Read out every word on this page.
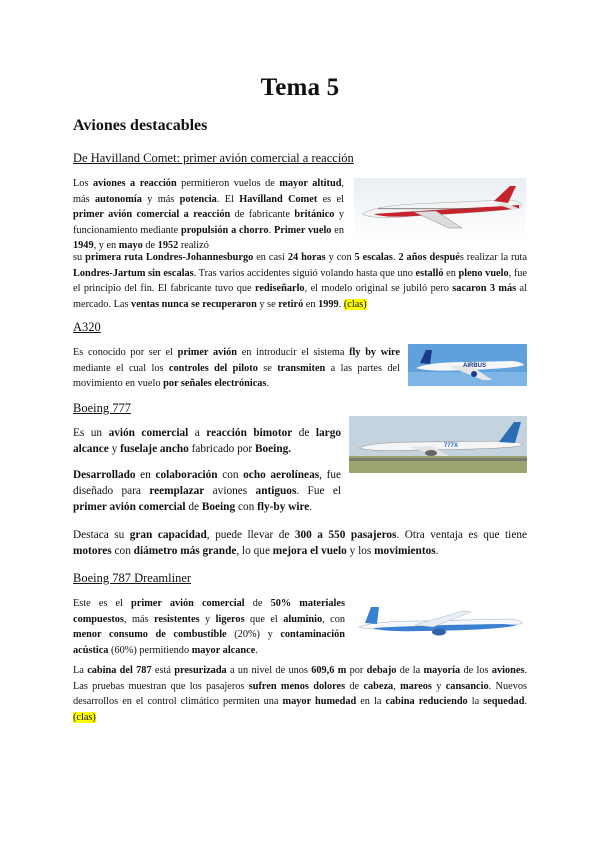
Tema 5
Aviones destacables
De Havilland Comet: primer avión comercial a reacción

Los aviones a reacción permitieron vuelos de mayor altitud, más autonomía y más potencia. El Havilland Comet es el primer avión comercial a reacción de fabricante británico y funcionamiento mediante propulsión a chorro. Primer vuelo en 1949, y en mayo de 1952 realizó

su primera ruta Londres-Johannesburgo en casi 24 horas y con 5 escalas. 2 años después realizar la ruta Londres-Jartum sin escalas. Tras varios accidentes siguió volando hasta que uno estalló en pleno vuelo, fue el principio del fin. El fabricante tuvo que rediseñarlo, el modelo original se jubiló pero sacaron 3 más al mercado. Las ventas nunca se recuperaron y se retiró en 1999. (clas)

A320
AIRBUS

Es conocido por ser el primer avión en introducir el sistema fly by wire mediante el cual los controles del piloto se transmiten a las partes del movimiento en vuelo por señales electrónicas.

Boeing 777
777X

Es un avión comercial a reacción bimotor de largo alcance y fuselaje ancho fabricado por Boeing.

Desarrollado en colaboración con ocho aerolíneas, fue diseñado para reemplazar aviones antiguos. Fue el primer avión comercial de Boeing con fly-by wire.

Destaca su gran capacidad, puede llevar de 300 a 550 pasajeros. Otra ventaja es que tiene motores con diámetro más grande, lo que mejora el vuelo y los movimientos.

Boeing 787 Dreamliner

Este es el primer avión comercial de 50% materiales compuestos, más resistentes y ligeros que el aluminio, con menor consumo de combustible (20%) y contaminación acústica (60%) permitiendo mayor alcance.

La cabina del 787 está presurizada a un nivel de unos 609,6 m por debajo de la mayoría de los aviones. Las pruebas muestran que los pasajeros sufren menos dolores de cabeza, mareos y cansancio. Nuevos desarrollos en el control climático permiten una mayor humedad en la cabina reduciendo la sequedad. (clas)
